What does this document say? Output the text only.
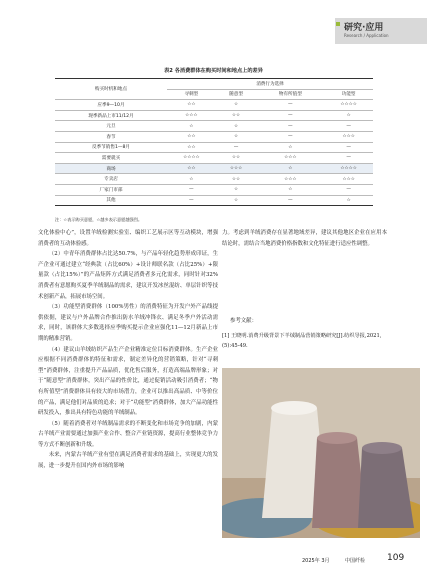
研究·应用
Research / Application
表2 各消费群体在购买时间和地点上的差异
购买时机和地点	消费行为选择			
	寻刺型	随意型	物有所值型	功能型
应季9—10月	☆☆	☆	—	☆☆☆☆
现季新品上市11/12月	☆☆☆	☆☆	—	☆
元旦	☆	☆	—	—
春节	☆☆	☆	—	☆☆☆
反季节销售1—8月	☆☆	—	☆	—
需要就买	☆☆☆☆	☆☆	☆☆☆	—
商场	☆☆	☆☆☆	☆	☆☆☆☆
专卖店	☆	☆☆	☆☆☆	☆☆☆
厂家门市部	—	☆	☆	—
其他	—	☆	—	☆
注：☆表示购买意愿，☆越多表示意愿越强烈。

文化体验中心”，设置羊绒检测实验室、编织工艺展示区等互动模块，增强消费者的互动体验感。

（2）中青年消费群体占比达50.7%，与产品年轻化趋势形成印证，生产企业可通过建立“经典款（占比60%）+设计师联名款（占比25%）+限量款（占比15%）”的产品矩阵方式满足消费者多元化需求，同时针对32%消费者有意愿购买夏季羊绒制品的需求，建议开发冰丝混纺、单层针织等技术创新产品，拓展市场空间。

（3）功能型消费群体（100%男性）的消费特征为开发户外产品线提供依据，建议与户外品牌合作推出防水羊绒冲锋衣、满足冬季户外活动需求，同时，该群体大多数选择应季购买提示企业应强化11—12月新品上市期的精准营销。

（4）建议山羊绒纺织产品生产企业精准定位目标消费群体。生产企业应根据不同消费群体的特征和需求，制定差异化的营销策略，针对“寻刺型”消费群体，注重提升产品品质，优化售后服务，打造高端品牌形象；对于“随意型”消费群体，突出产品的性价比，通过促销活动吸引消费者；“物有所值型”消费群体具有较大的市场潜力，企业可以推出高品质、中等价位的产品，满足他们对品质的追求；对于“功能型”消费群体，加大产品功能性研发投入，推出具有特色功能的羊绒制品。

（5）随着消费者对羊绒制品需求的不断变化和市场竞争的加剧，内蒙古羊绒产业需要通过加强产业合作、整合产业链资源，提高行业整体竞争力等方式不断创新和升级。

未来，内蒙古羊绒产业有望在满足消费者需求的基础上，实现更大的发展，进一步提升在国内外市场的影响

力。考虑到羊绒消费存在显著地域差异，建议其他地区企业在应用本结论时，需结合当地消费价格指数和文化特征进行适应性调整。

参考文献：
[1] 王晓明.消费升级背景下羊绒制品营销策略研究[J].纺织导报,2021,(5):45-49.
2025年 3月	中国纤检 109
